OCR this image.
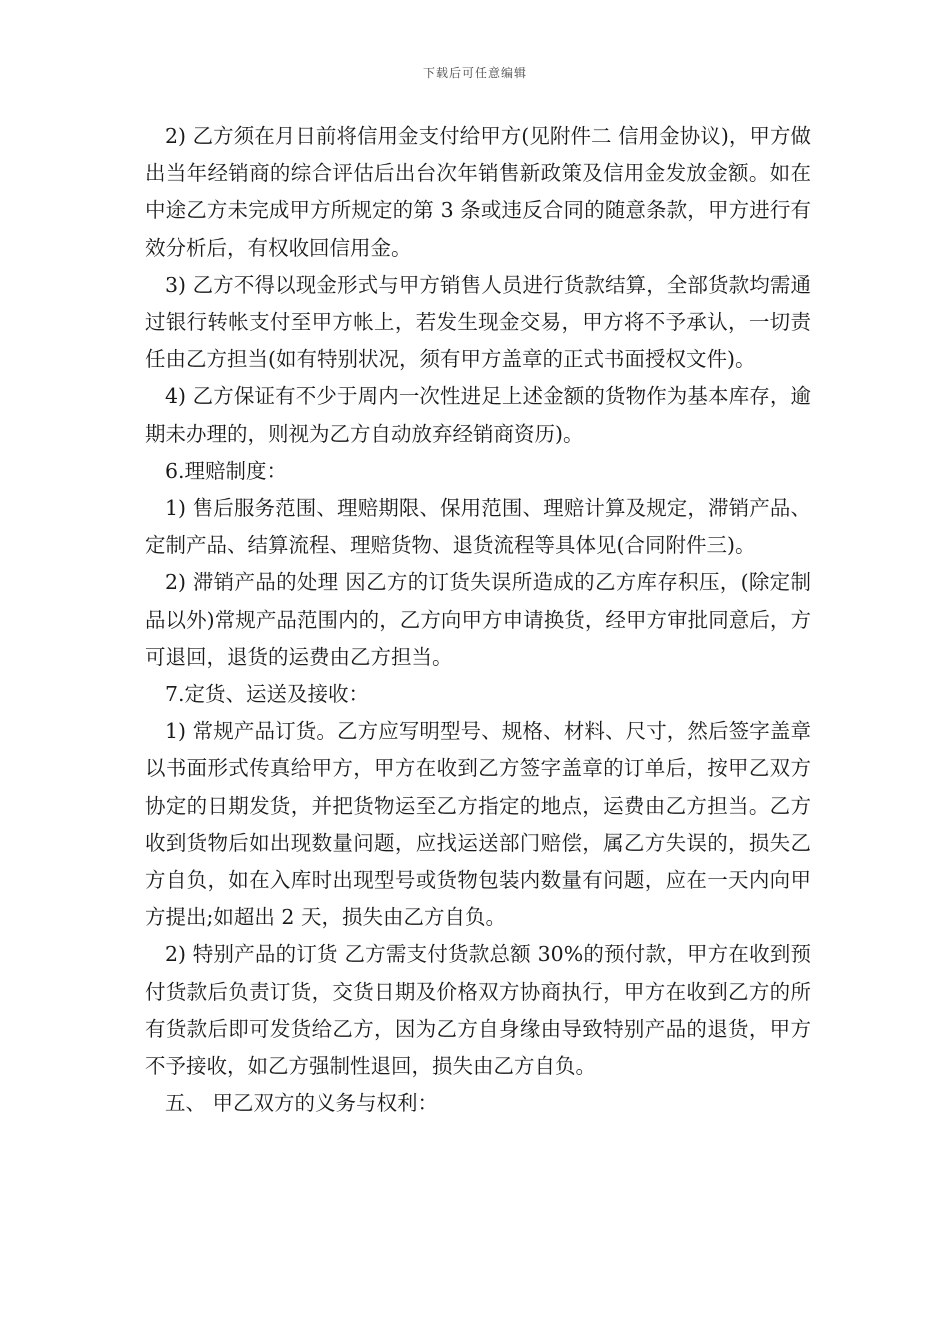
下载后可任意编辑

2) 乙方须在月日前将信用金支付给甲方(见附件二 信用金协议)，甲方做出当年经销商的综合评估后出台次年销售新政策及信用金发放金额。如在中途乙方未完成甲方所规定的第 3 条或违反合同的随意条款，甲方进行有效分析后，有权收回信用金。

3) 乙方不得以现金形式与甲方销售人员进行货款结算，全部货款均需通过银行转帐支付至甲方帐上，若发生现金交易，甲方将不予承认，一切责任由乙方担当(如有特别状况，须有甲方盖章的正式书面授权文件)。

4) 乙方保证有不少于周内一次性进足上述金额的货物作为基本库存，逾期未办理的，则视为乙方自动放弃经销商资历)。

6.理赔制度：

1) 售后服务范围、理赔期限、保用范围、理赔计算及规定，滞销产品、定制产品、结算流程、理赔货物、退货流程等具体见(合同附件三)。

2) 滞销产品的处理 因乙方的订货失误所造成的乙方库存积压，(除定制品以外)常规产品范围内的，乙方向甲方申请换货，经甲方审批同意后，方可退回，退货的运费由乙方担当。

7.定货、运送及接收：

1) 常规产品订货。乙方应写明型号、规格、材料、尺寸，然后签字盖章以书面形式传真给甲方，甲方在收到乙方签字盖章的订单后，按甲乙双方协定的日期发货，并把货物运至乙方指定的地点，运费由乙方担当。乙方收到货物后如出现数量问题，应找运送部门赔偿，属乙方失误的，损失乙方自负，如在入库时出现型号或货物包装内数量有问题，应在一天内向甲方提出;如超出 2 天，损失由乙方自负。

2) 特别产品的订货 乙方需支付货款总额 30%的预付款，甲方在收到预付货款后负责订货，交货日期及价格双方协商执行，甲方在收到乙方的所有货款后即可发货给乙方，因为乙方自身缘由导致特别产品的退货，甲方不予接收，如乙方强制性退回，损失由乙方自负。

五、 甲乙双方的义务与权利：
